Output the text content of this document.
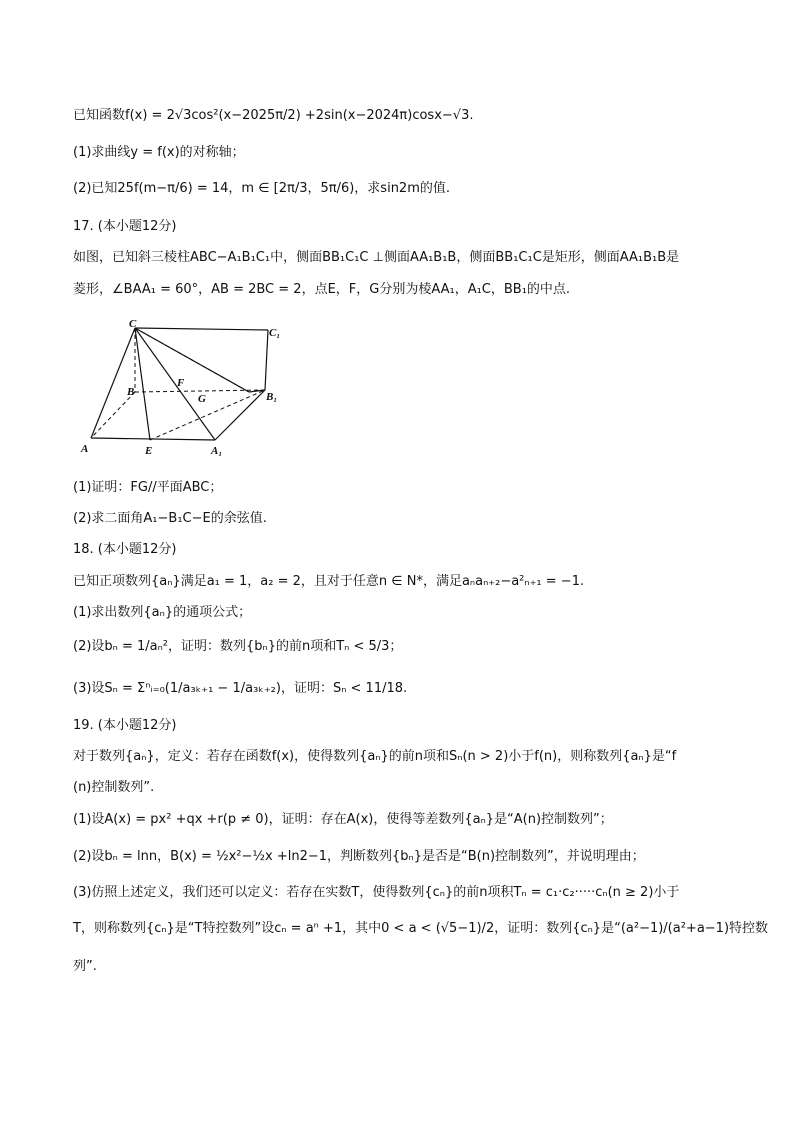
已知函数f(x) = 2√3cos²(x−2025π/2) +2sin(x−2024π)cosx−√3.
(1)求曲线y = f(x)的对称轴；
(2)已知25f(m−π/6) = 14，m ∈ [2π/3，5π/6)，求sin2m的值.
17. (本小题12分)
如图，已知斜三棱柱ABC−A₁B₁C₁中，侧面BB₁C₁C ⊥侧面AA₁B₁B，侧面BB₁C₁C是矩形，侧面AA₁B₁B是
菱形，∠BAA₁ = 60°，AB = 2BC = 2，点E，F，G分别为棱AA₁，A₁C，BB₁的中点.
C
C₁
B
F
G	B₁
A	E	A₁
(1)证明：FG//平面ABC；
(2)求二面角A₁−B₁C−E的余弦值.
18. (本小题12分)
已知正项数列{aₙ}满足a₁ = 1，a₂ = 2，且对于任意n ∈ N*，满足aₙaₙ₊₂−a²ₙ₊₁ = −1.
(1)求出数列{aₙ}的通项公式；
(2)设bₙ = 1/aₙ²，证明：数列{bₙ}的前n项和Tₙ < 5/3；
(3)设Sₙ = Σⁿᵢ₌₀(1/a₃ₖ₊₁ − 1/a₃ₖ₊₂)，证明：Sₙ < 11/18.
19. (本小题12分)
对于数列{aₙ}，定义：若存在函数f(x)，使得数列{aₙ}的前n项和Sₙ(n > 2)小于f(n)，则称数列{aₙ}是“f
(n)控制数列”.
(1)设A(x) = px² +qx +r(p ≠ 0)，证明：存在A(x)，使得等差数列{aₙ}是“A(n)控制数列”；
(2)设bₙ = lnn，B(x) = ½x²−½x +ln2−1，判断数列{bₙ}是否是“B(n)控制数列”，并说明理由；
(3)仿照上述定义，我们还可以定义：若存在实数T，使得数列{cₙ}的前n项积Tₙ = c₁·c₂·····cₙ(n ≥ 2)小于
T，则称数列{cₙ}是“T特控数列”设cₙ = aⁿ +1，其中0 < a < (√5−1)/2，证明：数列{cₙ}是“(a²−1)/(a²+a−1)特控数
列”.
